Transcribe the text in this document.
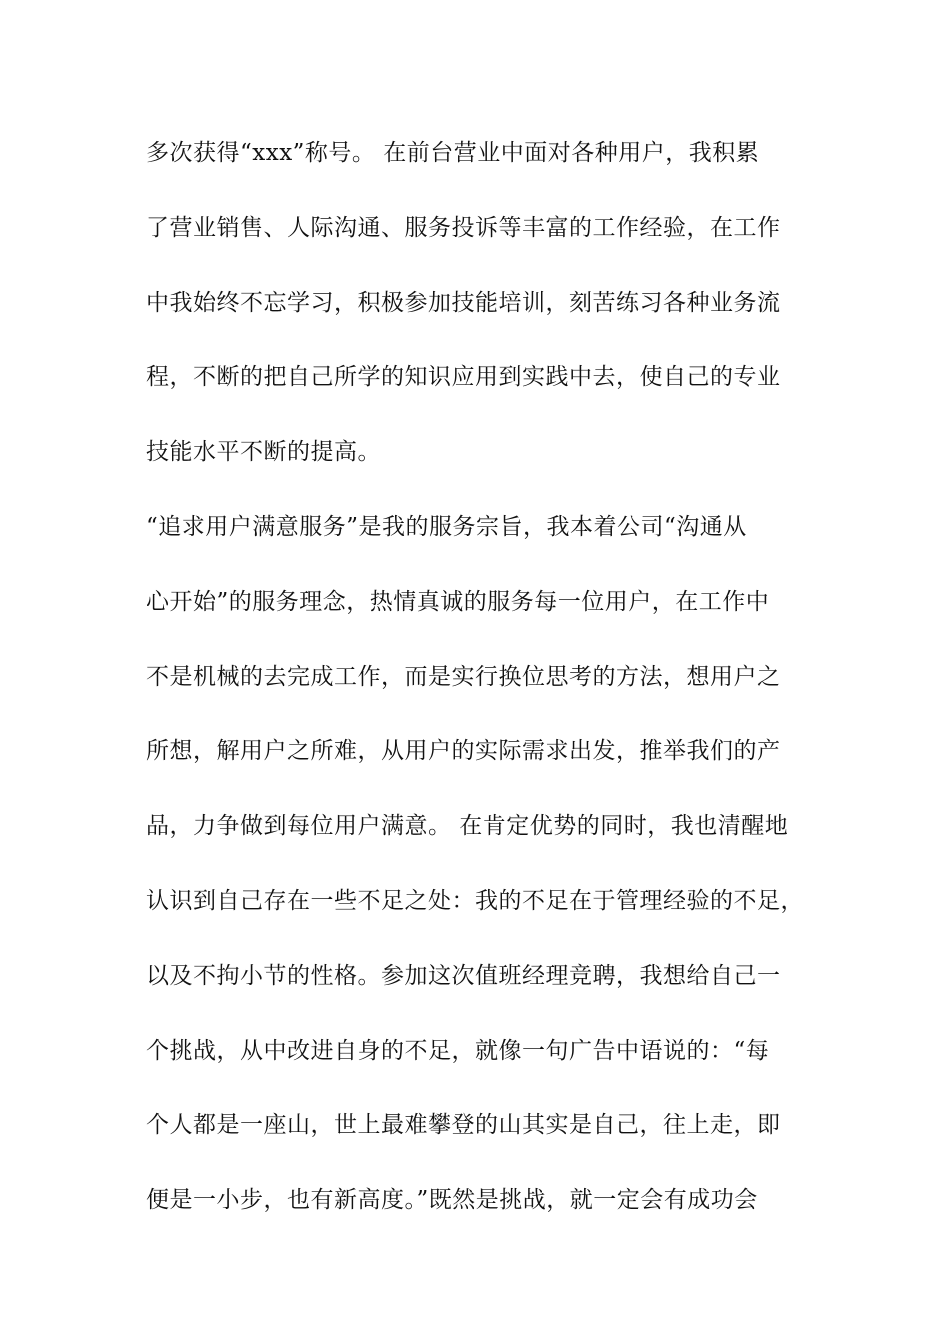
多次获得“xxx”称号。 在前台营业中面对各种用户，我积累
了营业销售、人际沟通、服务投诉等丰富的工作经验，在工作
中我始终不忘学习，积极参加技能培训，刻苦练习各种业务流
程，不断的把自己所学的知识应用到实践中去，使自己的专业
技能水平不断的提高。
“追求用户满意服务”是我的服务宗旨，我本着公司“沟通从
心开始”的服务理念，热情真诚的服务每一位用户，在工作中
不是机械的去完成工作，而是实行换位思考的方法，想用户之
所想，解用户之所难，从用户的实际需求出发，推举我们的产
品，力争做到每位用户满意。 在肯定优势的同时，我也清醒地
认识到自己存在一些不足之处：我的不足在于管理经验的不足，
以及不拘小节的性格。参加这次值班经理竞聘，我想给自己一
个挑战，从中改进自身的不足，就像一句广告中语说的：“每
个人都是一座山，世上最难攀登的山其实是自己，往上走，即
便是一小步，也有新高度。”既然是挑战，就一定会有成功会
